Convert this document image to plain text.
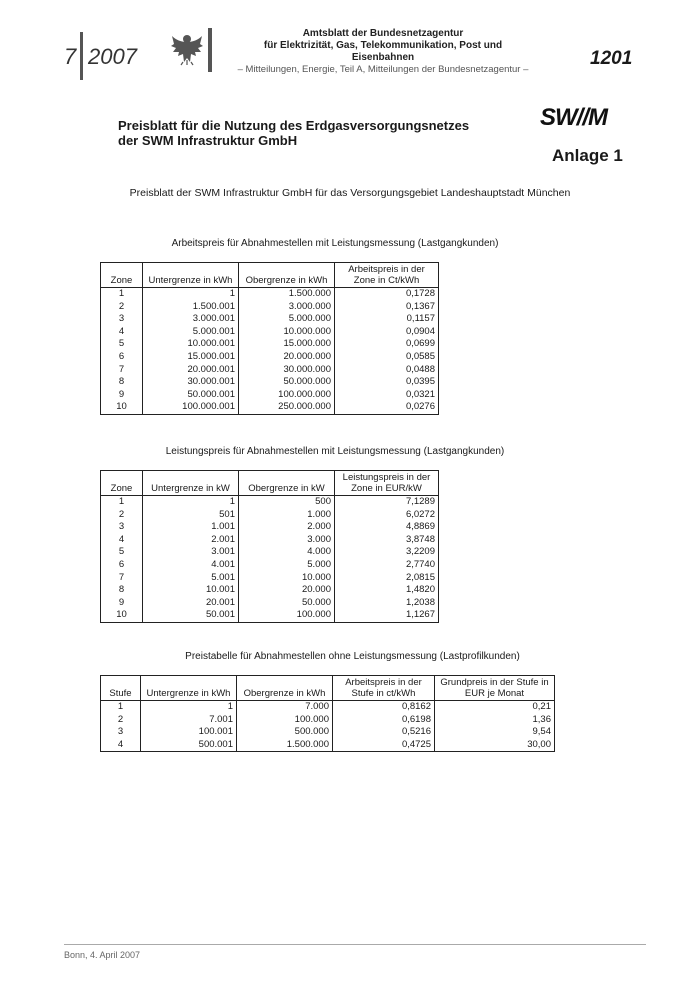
7 2007
Amtsblatt der Bundesnetzagentur
für Elektrizität, Gas, Telekommunikation, Post und Eisenbahnen
– Mitteilungen, Energie, Teil A, Mitteilungen der Bundesnetzagentur –
1201
Preisblatt für die Nutzung des Erdgasversorgungsnetzes
der SWM Infrastruktur GmbH
SW//M
Anlage 1
Preisblatt der SWM Infrastruktur GmbH für das Versorgungsgebiet Landeshauptstadt München
Arbeitspreis für Abnahmestellen mit Leistungsmessung (Lastgangkunden)
Zone	Untergrenze in kWh	Obergrenze in kWh	Arbeitspreis in der Zone in Ct/kWh
1	1	1.500.000	0,1728
2	1.500.001	3.000.000	0,1367
3	3.000.001	5.000.000	0,1157
4	5.000.001	10.000.000	0,0904
5	10.000.001	15.000.000	0,0699
6	15.000.001	20.000.000	0,0585
7	20.000.001	30.000.000	0,0488
8	30.000.001	50.000.000	0,0395
9	50.000.001	100.000.000	0,0321
10	100.000.001	250.000.000	0,0276
Leistungspreis für Abnahmestellen mit Leistungsmessung (Lastgangkunden)
Zone	Untergrenze in kW	Obergrenze in kW	Leistungspreis in der Zone in EUR/kW
1	1	500	7,1289
2	501	1.000	6,0272
3	1.001	2.000	4,8869
4	2.001	3.000	3,8748
5	3.001	4.000	3,2209
6	4.001	5.000	2,7740
7	5.001	10.000	2,0815
8	10.001	20.000	1,4820
9	20.001	50.000	1,2038
10	50.001	100.000	1,1267
Preistabelle für Abnahmestellen ohne Leistungsmessung (Lastprofilkunden)
Stufe	Untergrenze in kWh	Obergrenze in kWh	Arbeitspreis in der Stufe in ct/kWh	Grundpreis in der Stufe in EUR je Monat
1	1	7.000	0,8162	0,21
2	7.001	100.000	0,6198	1,36
3	100.001	500.000	0,5216	9,54
4	500.001	1.500.000	0,4725	30,00
Bonn, 4. April 2007
